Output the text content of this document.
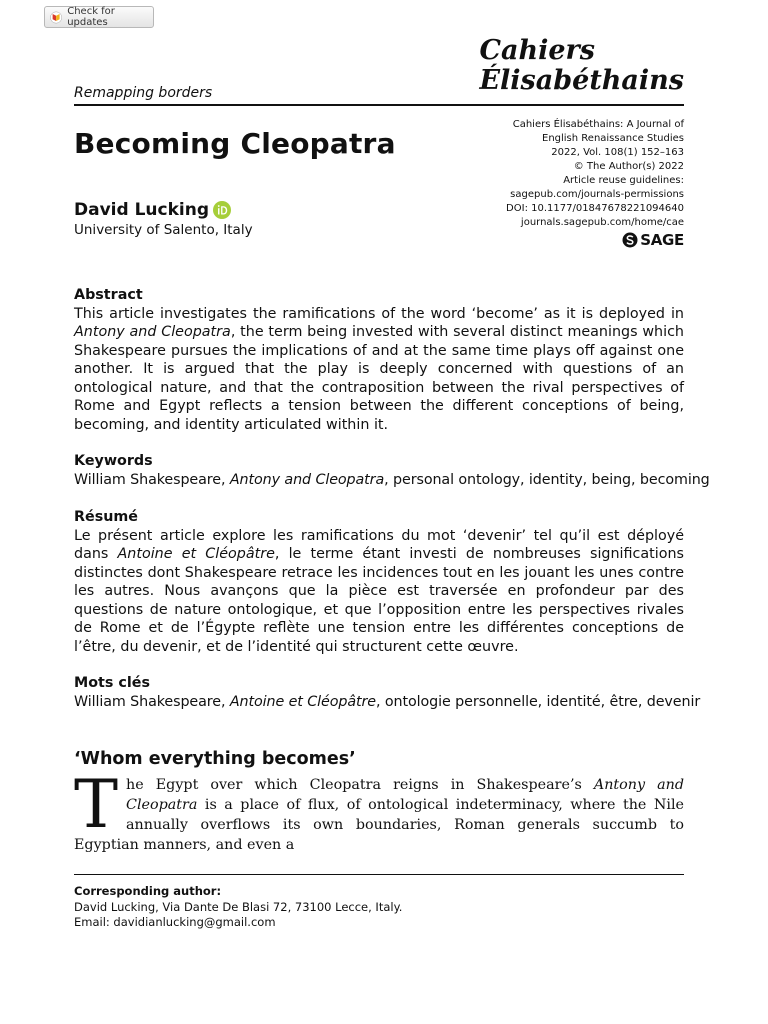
Check for updates
Remapping borders
Cahiers
Élisabéthains
Becoming Cleopatra
David Lucking
University of Salento, Italy
Cahiers Élisabéthains: A Journal of
English Renaissance Studies
2022, Vol. 108(1) 152–163
© The Author(s) 2022
Article reuse guidelines:
sagepub.com/journals-permissions
DOI: 10.1177/01847678221094640
journals.sagepub.com/home/cae
SAGE
Abstract

This article investigates the ramifications of the word ‘become’ as it is deployed in Antony and Cleopatra, the term being invested with several distinct meanings which Shakespeare pursues the implications of and at the same time plays off against one another. It is argued that the play is deeply concerned with questions of an ontological nature, and that the contraposition between the rival perspectives of Rome and Egypt reflects a tension between the different conceptions of being, becoming, and identity articulated within it.

Keywords
William Shakespeare, Antony and Cleopatra, personal ontology, identity, being, becoming
Résumé

Le présent article explore les ramifications du mot ‘devenir’ tel qu’il est déployé dans Antoine et Cléopâtre, le terme étant investi de nombreuses significations distinctes dont Shakespeare retrace les incidences tout en les jouant les unes contre les autres. Nous avançons que la pièce est traversée en profondeur par des questions de nature ontologique, et que l’opposition entre les perspectives rivales de Rome et de l’Égypte reflète une tension entre les différentes conceptions de l’être, du devenir, et de l’identité qui structurent cette œuvre.

Mots clés
William Shakespeare, Antoine et Cléopâtre, ontologie personnelle, identité, être, devenir
‘Whom everything becomes’
The Egypt over which Cleopatra reigns in Shakespeare’s Antony and Cleopatra is a place of flux, of ontological indeterminacy, where the Nile annually overflows its own boundaries, Roman generals succumb to Egyptian manners, and even a
Corresponding author:
David Lucking, Via Dante De Blasi 72, 73100 Lecce, Italy.
Email: davidianlucking@gmail.com
